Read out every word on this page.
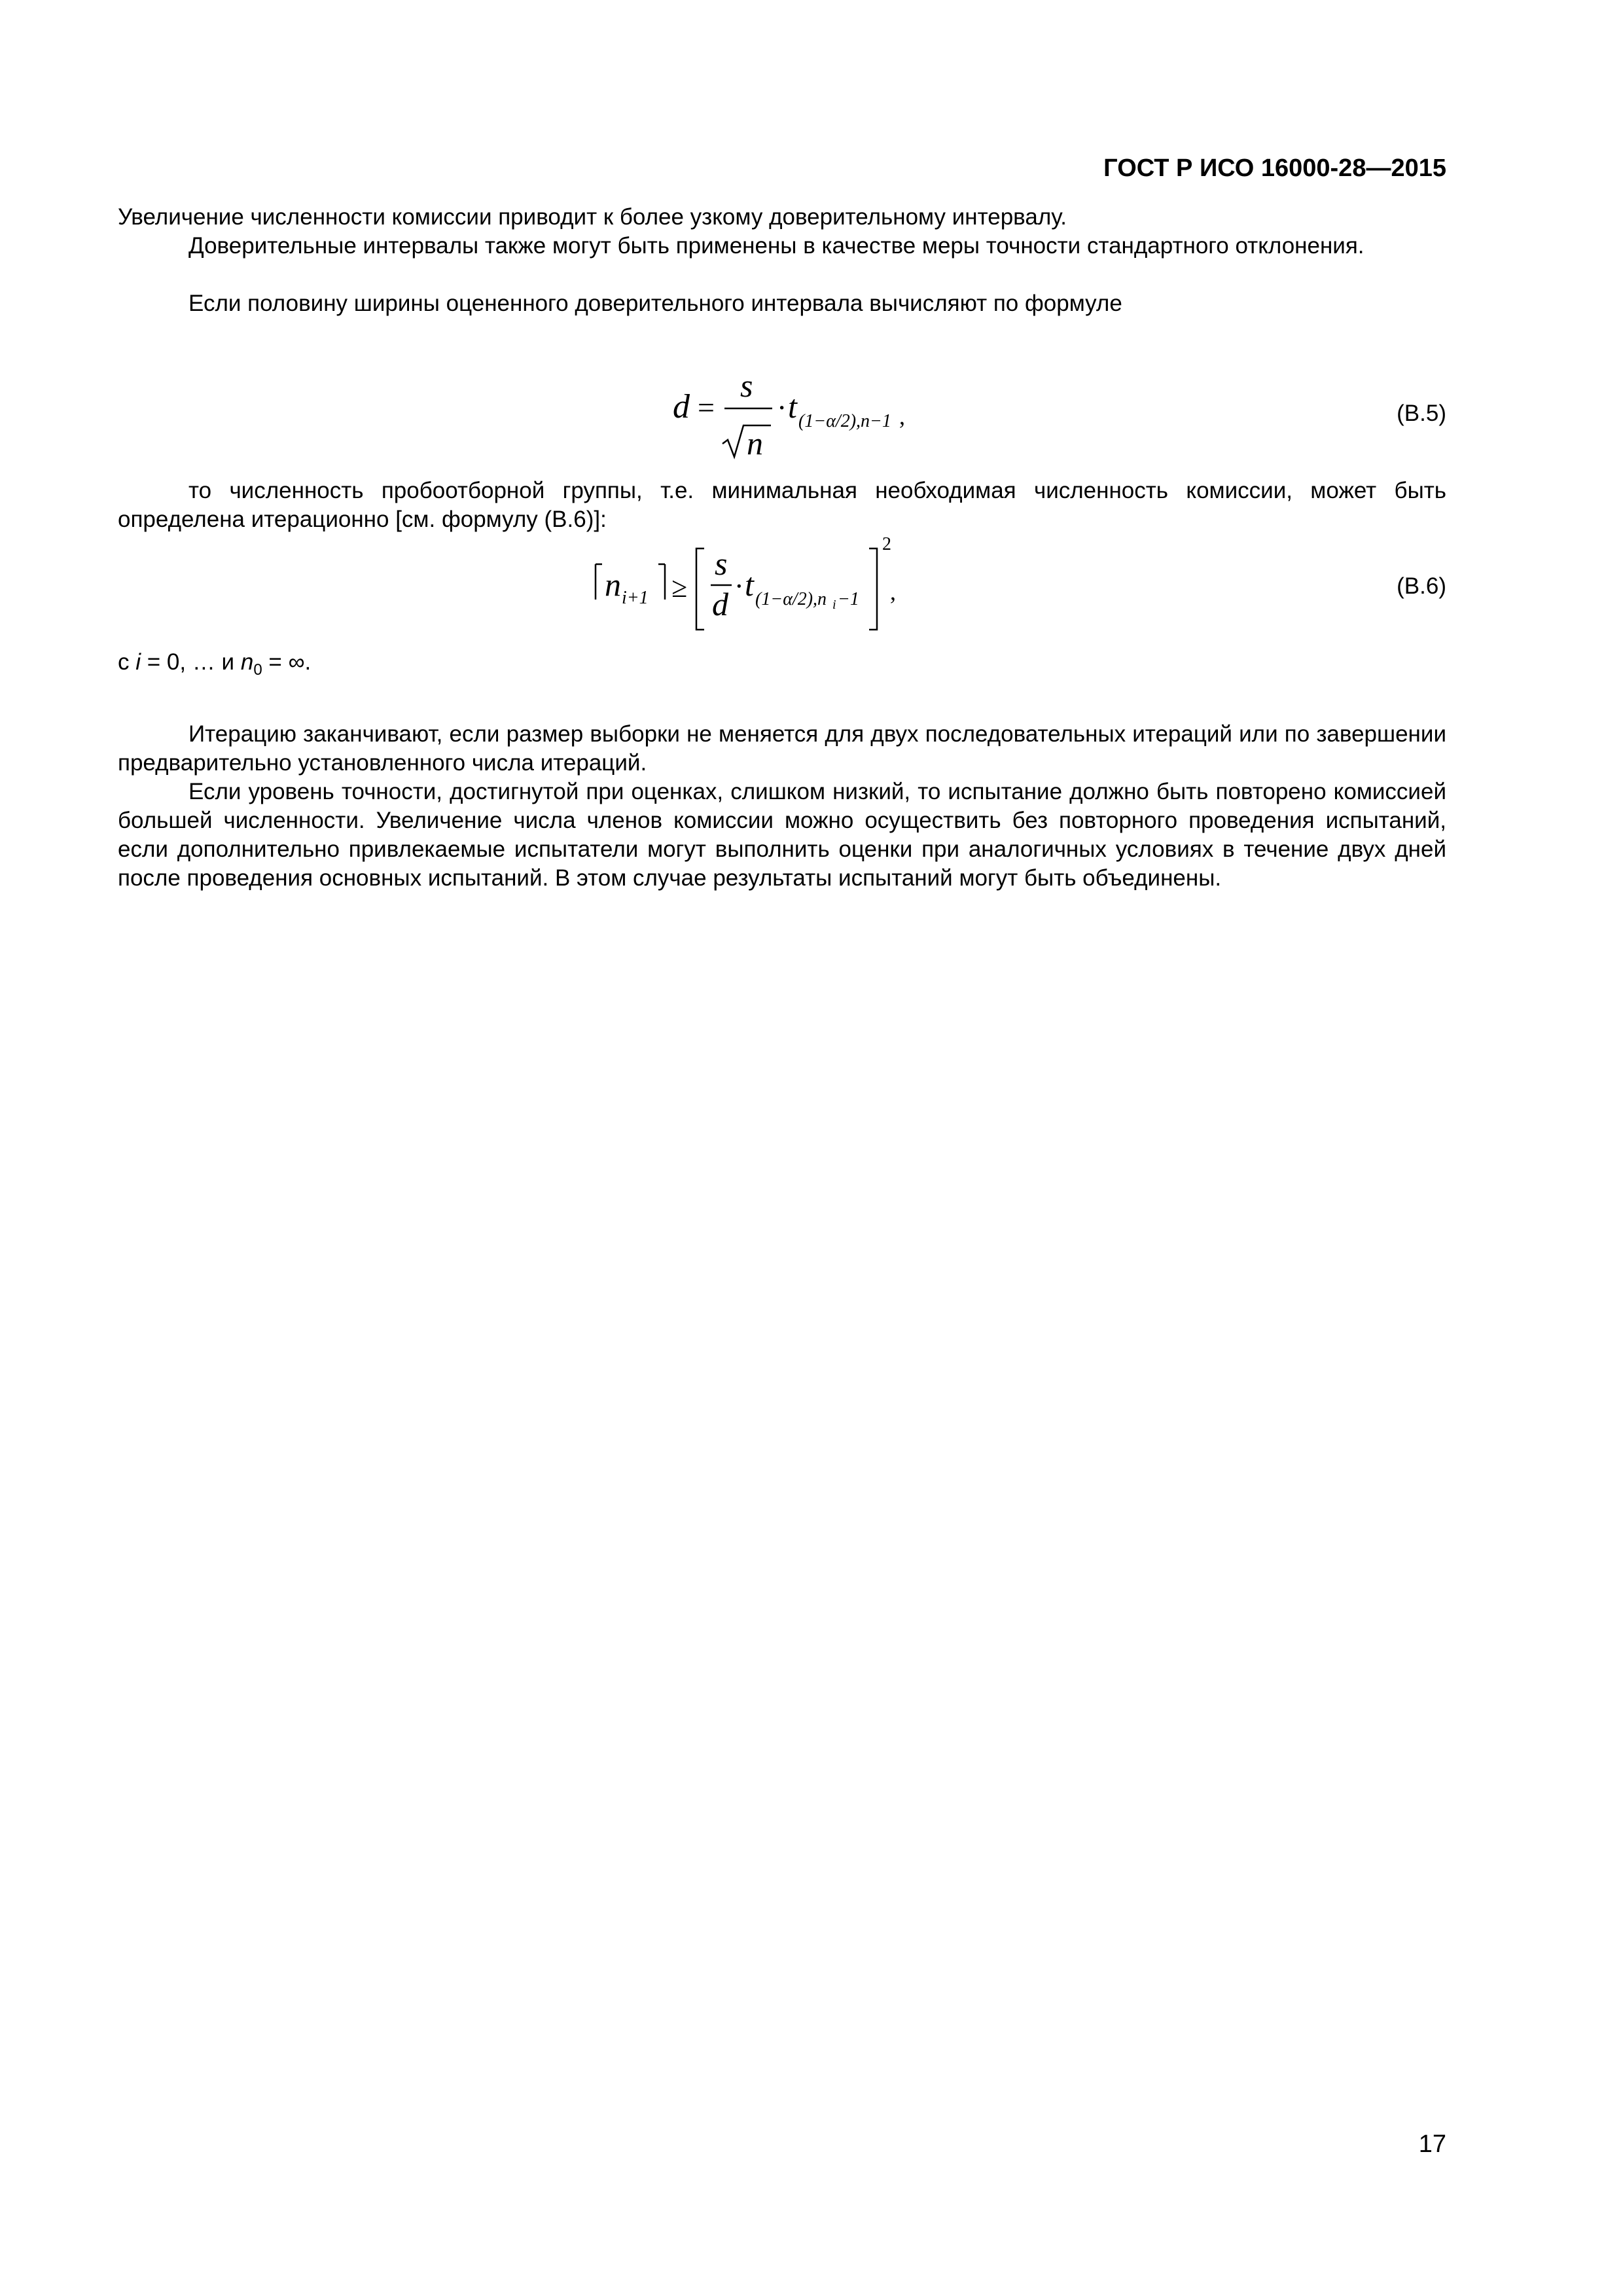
ГОСТ Р ИСО 16000-28—2015
Увеличение численности комиссии приводит к более узкому доверительному интервалу.
Доверительные интервалы также могут быть применены в качестве меры точности стандартного отклонения.
Если половину ширины оцененного доверительного интервала вычисляют по формуле
d =
s
n
· t (1−α/2),n−1 ,	(В.5)
то численность пробоотборной группы, т.е. минимальная необходимая численность комиссии, может быть определена итерационно [см. формулу (В.6)]:
n i+1 ≥
s
d · t (1−α/2),n i −1
2
,	(В.6)
с i = 0, … и $n_0$ = ∞.
Итерацию заканчивают, если размер выборки не меняется для двух последовательных итераций или по завершении предварительно установленного числа итераций.
Если уровень точности, достигнутой при оценках, слишком низкий, то испытание должно быть повторено комиссией большей численности. Увеличение числа членов комиссии можно осуществить без повторного проведения испытаний, если дополнительно привлекаемые испытатели могут выполнить оценки при аналогичных условиях в течение двух дней после проведения основных испытаний. В этом случае результаты испытаний могут быть объединены.
17
